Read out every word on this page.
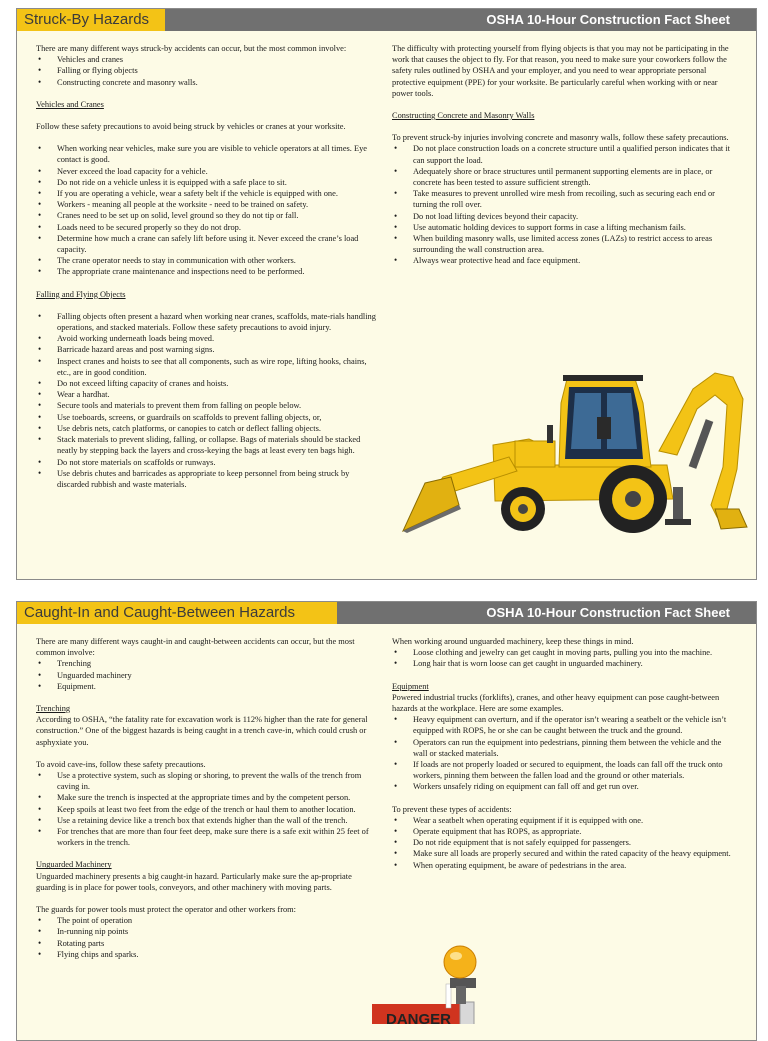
Struck-By Hazards	OSHA 10-Hour Construction Fact Sheet

There are many different ways struck-by accidents can occur, but the most common involve:

• Vehicles and cranes
• Falling or flying objects
• Constructing concrete and masonry walls.

Vehicles and Cranes

Follow these safety precautions to avoid being struck by vehicles or cranes at your worksite.

• When working near vehicles, make sure you are visible to vehicle operators at all times. Eye contact is good.
• Never exceed the load capacity for a vehicle.
• Do not ride on a vehicle unless it is equipped with a safe place to sit.
• If you are operating a vehicle, wear a safety belt if the vehicle is equipped with one.
• Workers - meaning all people at the worksite - need to be trained on safety.
• Cranes need to be set up on solid, level ground so they do not tip or fall.
• Loads need to be secured properly so they do not drop.
• Determine how much a crane can safely lift before using it. Never exceed the crane’s load capacity.
• The crane operator needs to stay in communication with other workers.
• The appropriate crane maintenance and inspections need to be performed.

Falling and Flying Objects

• Falling objects often present a hazard when working near cranes, scaffolds, mate-rials handling operations, and stacked materials. Follow these safety precautions to avoid injury.
• Avoid working underneath loads being moved.
• Barricade hazard areas and post warning signs.
• Inspect cranes and hoists to see that all components, such as wire rope, lifting hooks, chains, etc., are in good condition.
• Do not exceed lifting capacity of cranes and hoists.
• Wear a hardhat.
• Secure tools and materials to prevent them from falling on people below.
• Use toeboards, screens, or guardrails on scaffolds to prevent falling objects, or,
• Use debris nets, catch platforms, or canopies to catch or deflect falling objects.
• Stack materials to prevent sliding, falling, or collapse. Bags of materials should be stacked neatly by stepping back the layers and cross-keying the bags at least every ten bags high.
• Do not store materials on scaffolds or runways.
• Use debris chutes and barricades as appropriate to keep personnel from being struck by discarded rubbish and waste materials.

The difficulty with protecting yourself from flying objects is that you may not be participating in the work that causes the object to fly. For that reason, you need to make sure your coworkers follow the safety rules outlined by OSHA and your employer, and you need to wear appropriate personal protective equipment (PPE) for your worksite. Be particularly careful when working with or near power tools.

Constructing Concrete and Masonry Walls

To prevent struck-by injuries involving concrete and masonry walls, follow these safety precautions.

• Do not place construction loads on a concrete structure until a qualified person indicates that it can support the load.
• Adequately shore or brace structures until permanent supporting elements are in place, or concrete has been tested to assure sufficient strength.
• Take measures to prevent unrolled wire mesh from recoiling, such as securing each end or turning the roll over.
• Do not load lifting devices beyond their capacity.
• Use automatic holding devices to support forms in case a lifting mechanism fails.
• When building masonry walls, use limited access zones (LAZs) to restrict access to areas surrounding the wall construction area.
• Always wear protective head and face equipment.
Caught-In and Caught-Between Hazards	OSHA 10-Hour Construction Fact Sheet

There are many different ways caught-in and caught-between accidents can occur, but the most common involve:

• Trenching
• Unguarded machinery
• Equipment.

Trenching

According to OSHA, “the fatality rate for excavation work is 112% higher than the rate for general construction.” One of the biggest hazards is being caught in a trench cave-in, which could crush or asphyxiate you.

To avoid cave-ins, follow these safety precautions.

• Use a protective system, such as sloping or shoring, to prevent the walls of the trench from caving in.
• Make sure the trench is inspected at the appropriate times and by the competent person.
• Keep spoils at least two feet from the edge of the trench or haul them to another location.
• Use a retaining device like a trench box that extends higher than the wall of the trench.
• For trenches that are more than four feet deep, make sure there is a safe exit within 25 feet of workers in the trench.

Unguarded Machinery

Unguarded machinery presents a big caught-in hazard. Particularly make sure the ap-propriate guarding is in place for power tools, conveyors, and other machinery with moving parts.

The guards for power tools must protect the operator and other workers from:

• The point of operation
• In-running nip points
• Rotating parts
• Flying chips and sparks.

When working around unguarded machinery, keep these things in mind.

• Loose clothing and jewelry can get caught in moving parts, pulling you into the machine.
• Long hair that is worn loose can get caught in unguarded machinery.

Equipment

Powered industrial trucks (forklifts), cranes, and other heavy equipment can pose caught-between hazards at the workplace. Here are some examples.

• Heavy equipment can overturn, and if the operator isn’t wearing a seatbelt or the vehicle isn’t equipped with ROPS, he or she can be caught between the truck and the ground.
• Operators can run the equipment into pedestrians, pinning them between the vehicle and the wall or stacked materials.
• If loads are not properly loaded or secured to equipment, the loads can fall off the truck onto workers, pinning them between the fallen load and the ground or other materials.
• Workers unsafely riding on equipment can fall off and get run over.

To prevent these types of accidents:

• Wear a seatbelt when operating equipment if it is equipped with one.
• Operate equipment that has ROPS, as appropriate.
• Do not ride equipment that is not safely equipped for passengers.
• Make sure all loads are properly secured and within the rated capacity of the heavy equipment.
• When operating equipment, be aware of pedestrians in the area.
DANGER
